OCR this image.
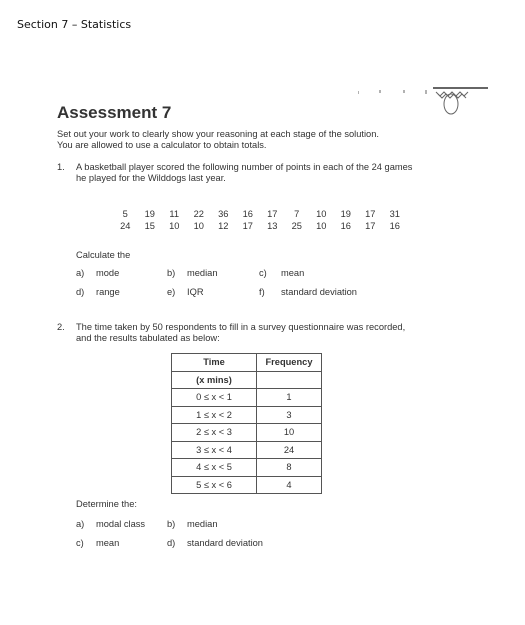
Section 7 – Statistics
Assessment 7
Set out your work to clearly show your reasoning at each stage of the solution.
You are allowed to use a calculator to obtain totals.
1. A basketball player scored the following number of points in each of the 24 games
he played for the Wilddogs last year.
5	19	11	22	36	16	17	7	10	19	17	31
24	15	10	10	12	17	13	25	10	16	17	16
Calculate the
a) mode	b) median	c) mean
d) range	e) IQR	f) standard deviation
2. The time taken by 50 respondents to fill in a survey questionnaire was recorded,
and the results tabulated as below:
Time	Frequency
(x mins)	
0 ≤ x < 1	1
1 ≤ x < 2	3
2 ≤ x < 3	10
3 ≤ x < 4	24
4 ≤ x < 5	8
5 ≤ x < 6	4
Determine the:
a) modal class b) median
c) mean	d) standard deviation
